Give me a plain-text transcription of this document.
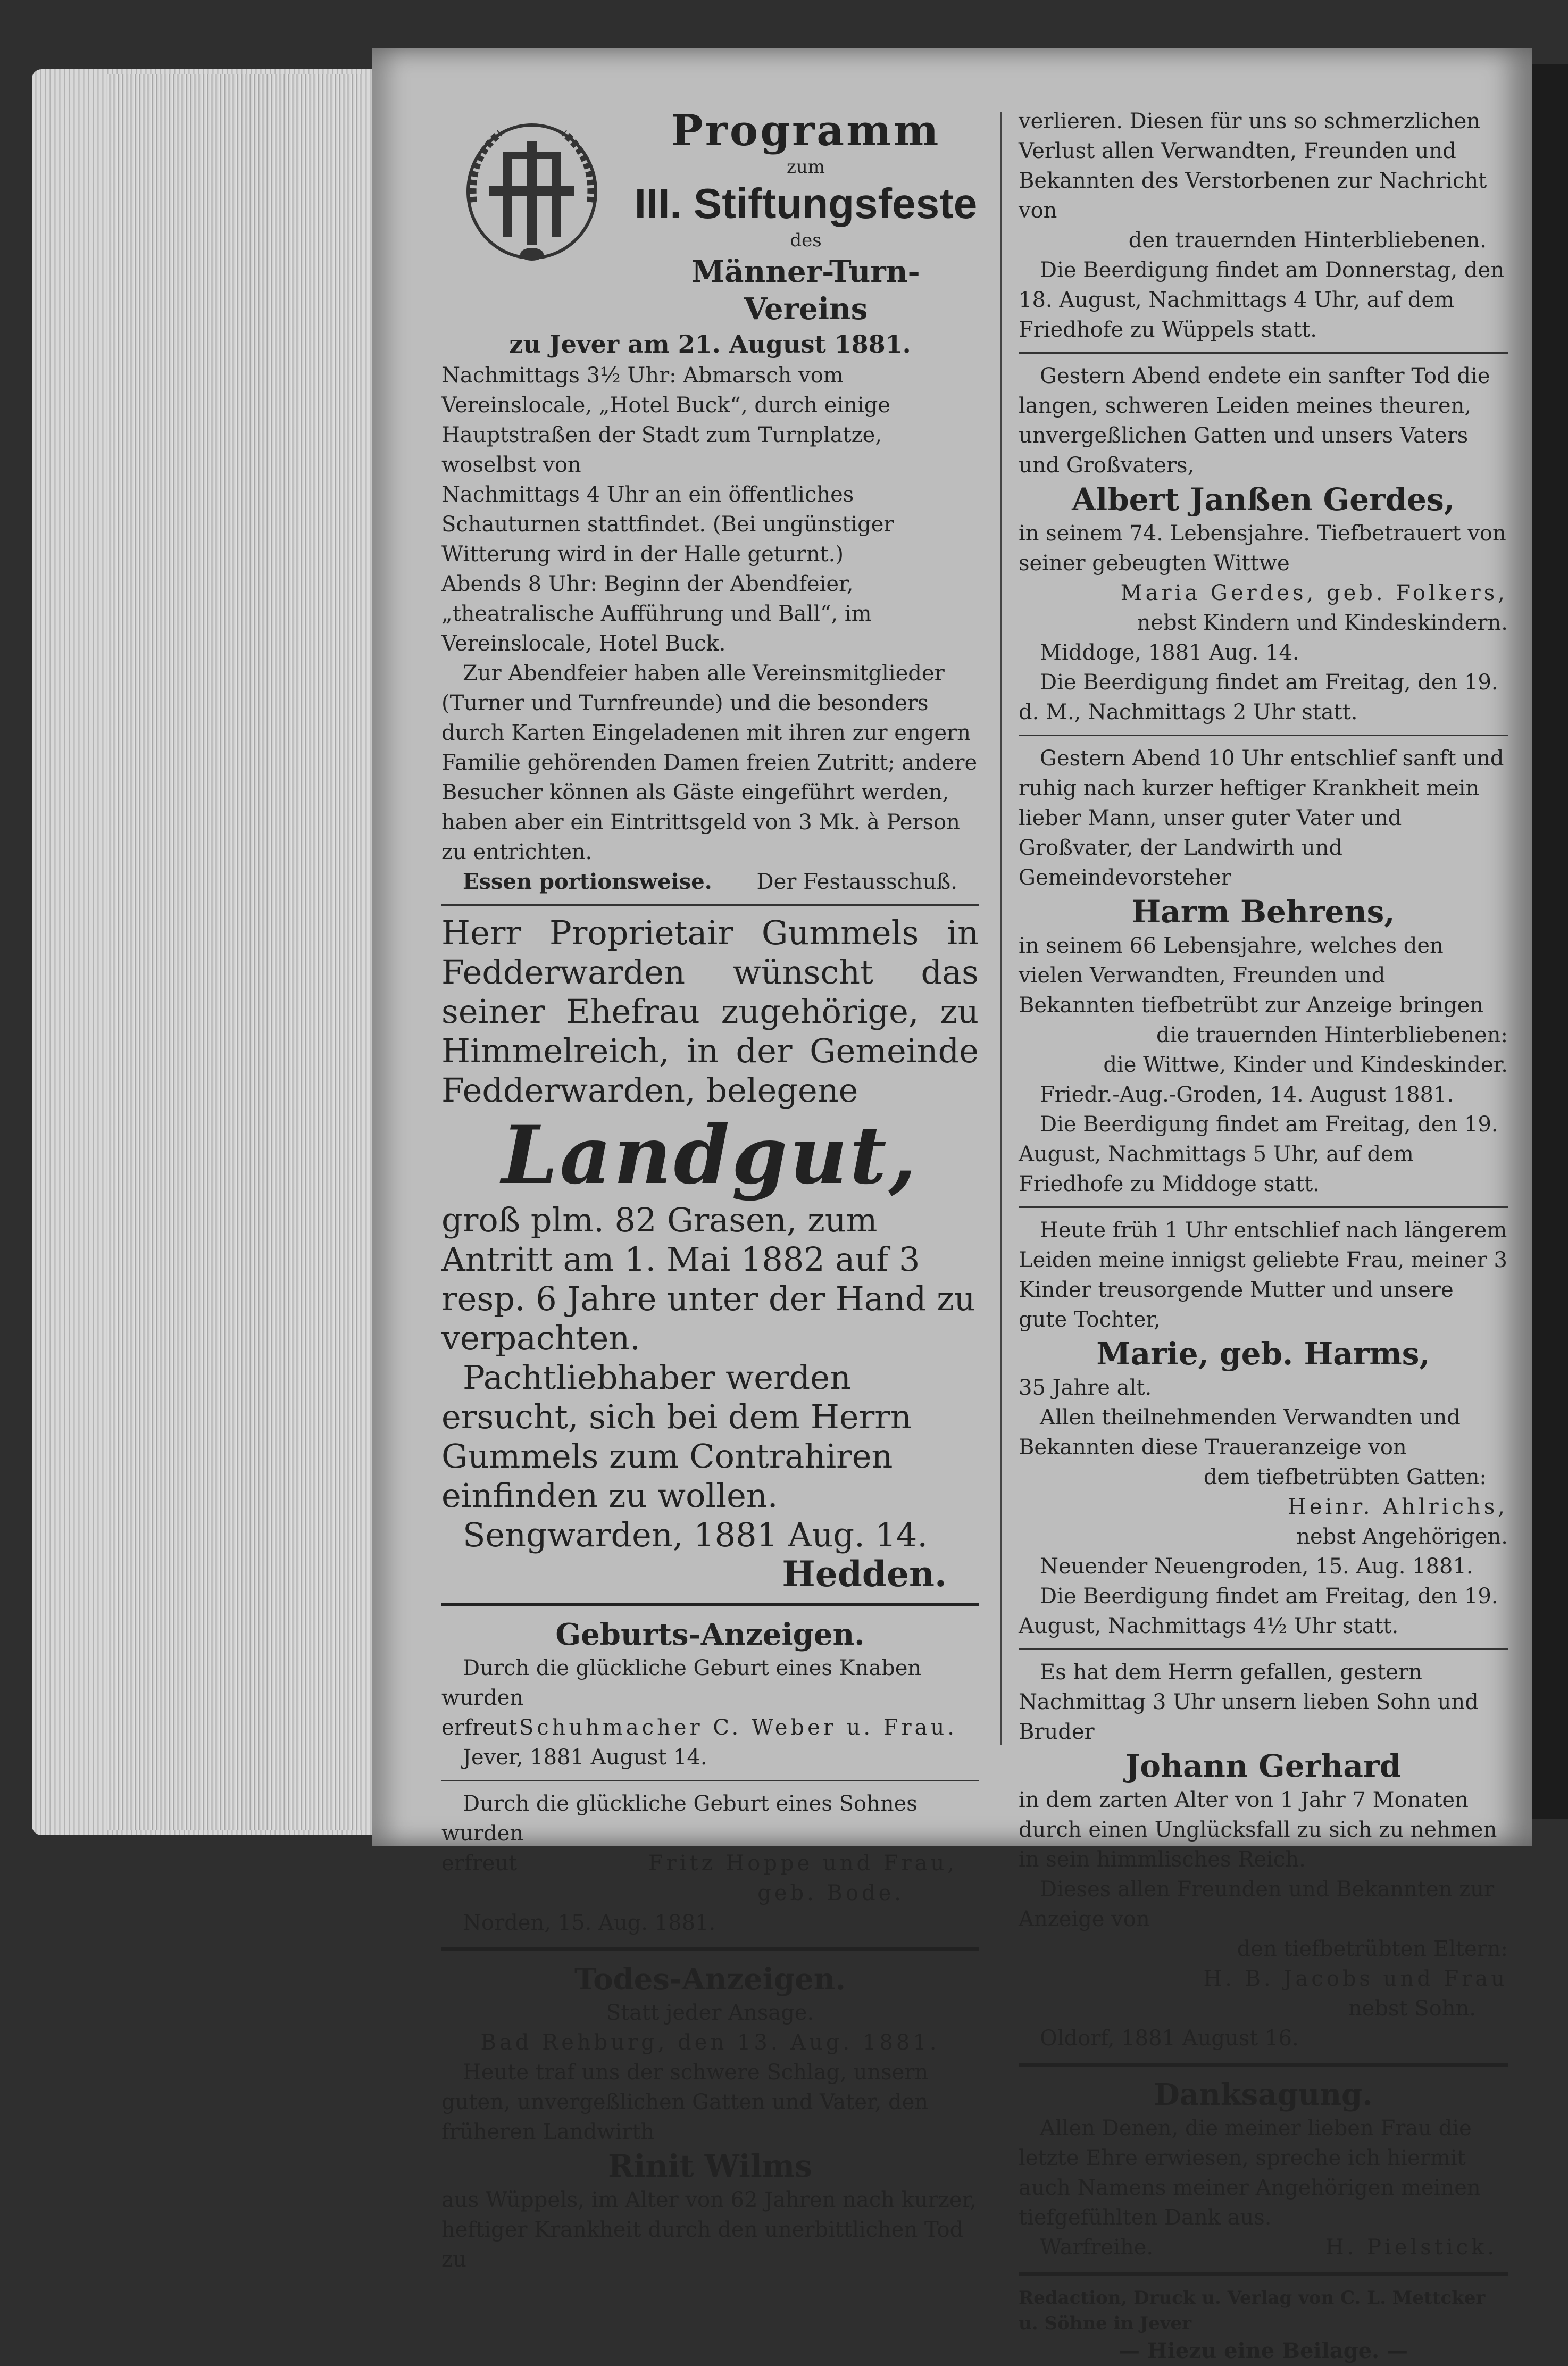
Programm

zum

III. Stiftungsfeste

des

Männer-Turn-Vereins

zu Jever am 21. August 1881.

Nachmittags 3½ Uhr: Abmarsch vom Vereinslocale, „Hotel Buck“, durch einige Hauptstraßen der Stadt zum Turnplatze, woselbst von

Nachmittags 4 Uhr an ein öffentliches Schauturnen stattfindet. (Bei ungünstiger Witterung wird in der Halle geturnt.)

Abends 8 Uhr: Beginn der Abendfeier, „theatralische Aufführung und Ball“, im Vereinslocale, Hotel Buck.

Zur Abendfeier haben alle Vereinsmitglieder (Turner und Turnfreunde) und die besonders durch Karten Eingeladenen mit ihren zur engern Familie gehörenden Damen freien Zutritt; andere Besucher können als Gäste eingeführt werden, haben aber ein Eintrittsgeld von 3 Mk. à Person zu entrichten.

Essen portionsweise. Der Festausschuß.

Herr Proprietair Gummels in Fedderwarden wünscht das seiner Ehefrau zugehörige, zu Himmelreich, in der Gemeinde Fedderwarden, belegene

Landgut,

groß plm. 82 Grasen, zum Antritt am 1. Mai 1882 auf 3 resp. 6 Jahre unter der Hand zu verpachten.

Pachtliebhaber werden ersucht, sich bei dem Herrn Gummels zum Contrahiren einfinden zu wollen.

Sengwarden, 1881 Aug. 14.

Hedden.

Geburts-Anzeigen.

Durch die glückliche Geburt eines Knaben wurden

erfreut Schuhmacher C. Weber u. Frau.

Jever, 1881 August 14.

Durch die glückliche Geburt eines Sohnes wurden

erfreut	Fritz Hoppe und Frau,

geb. Bode.

Norden, 15. Aug. 1881.

Todes-Anzeigen.

Statt jeder Ansage.

Bad Rehburg, den 13. Aug. 1881.

Heute traf uns der schwere Schlag, unsern guten, unvergeßlichen Gatten und Vater, den früheren Landwirth

Rinit Wilms

aus Wüppels, im Alter von 62 Jahren nach kurzer, heftiger Krankheit durch den unerbittlichen Tod zu

verlieren. Diesen für uns so schmerzlichen Verlust allen Verwandten, Freunden und Bekannten des Verstorbenen zur Nachricht von

den trauernden Hinterbliebenen.

Die Beerdigung findet am Donnerstag, den 18. August, Nachmittags 4 Uhr, auf dem Friedhofe zu Wüppels statt.

Gestern Abend endete ein sanfter Tod die langen, schweren Leiden meines theuren, unvergeßlichen Gatten und unsers Vaters und Großvaters,

Albert Janßen Gerdes,

in seinem 74. Lebensjahre. Tiefbetrauert von seiner gebeugten Wittwe

Maria Gerdes, geb. Folkers,

nebst Kindern und Kindeskindern.

Middoge, 1881 Aug. 14.

Die Beerdigung findet am Freitag, den 19. d. M., Nachmittags 2 Uhr statt.

Gestern Abend 10 Uhr entschlief sanft und ruhig nach kurzer heftiger Krankheit mein lieber Mann, unser guter Vater und Großvater, der Landwirth und Gemeindevorsteher

Harm Behrens,

in seinem 66 Lebensjahre, welches den vielen Verwandten, Freunden und Bekannten tiefbetrübt zur Anzeige bringen

die trauernden Hinterbliebenen:

die Wittwe, Kinder und Kindeskinder.

Friedr.-Aug.-Groden, 14. August 1881.

Die Beerdigung findet am Freitag, den 19. August, Nachmittags 5 Uhr, auf dem Friedhofe zu Middoge statt.

Heute früh 1 Uhr entschlief nach längerem Leiden meine innigst geliebte Frau, meiner 3 Kinder treusorgende Mutter und unsere gute Tochter,

Marie, geb. Harms,

35 Jahre alt.

Allen theilnehmenden Verwandten und Bekannten diese Traueranzeige von

dem tiefbetrübten Gatten:

Heinr. Ahlrichs,

nebst Angehörigen.

Neuender Neuengroden, 15. Aug. 1881.

Die Beerdigung findet am Freitag, den 19. August, Nachmittags 4½ Uhr statt.

Es hat dem Herrn gefallen, gestern Nachmittag 3 Uhr unsern lieben Sohn und Bruder

Johann Gerhard

in dem zarten Alter von 1 Jahr 7 Monaten durch einen Unglücksfall zu sich zu nehmen in sein himmlisches Reich.

Dieses allen Freunden und Bekannten zur Anzeige von

den tiefbetrübten Eltern:

H. B. Jacobs und Frau

nebst Sohn.

Oldorf, 1881 August 16.

Danksagung.

Allen Denen, die meiner lieben Frau die letzte Ehre erwiesen, spreche ich hiermit auch Namens meiner Angehörigen meinen tiefgefühlten Dank aus.

Warfreihe.	H. Pielstick.

Redaction, Druck u. Verlag von C. L. Mettcker u. Söhne in Jever

— Hiezu eine Beilage. —
